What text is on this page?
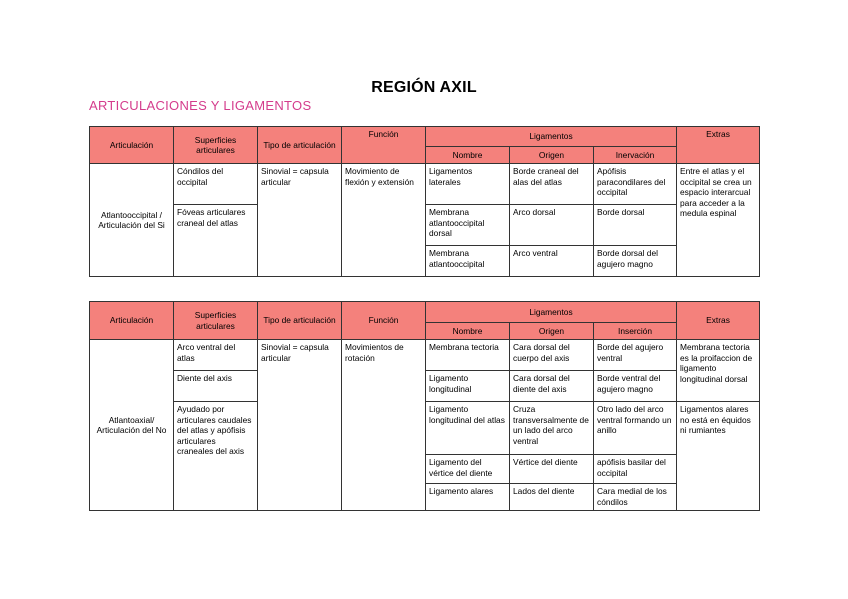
REGIÓN AXIL
ARTICULACIONES Y LIGAMENTOS
Articulación	Superficies articulares	Tipo de articulación	Función	Ligamentos			Extras
				Nombre	Origen	Inervación	
Atlantooccipital / Articulación del Si	Cóndilos del occipital	Sinovial = capsula articular	Movimiento de flexión y extensión	Ligamentos laterales	Borde craneal del alas del atlas	Apófisis paracondilares del occipital	Entre el atlas y el occipital se crea un espacio interarcual para acceder a la medula espinal
	Fóveas articulares craneal del atlas			Membrana atlantooccipital dorsal	Arco dorsal	Borde dorsal	
				Membrana atlantooccipital	Arco ventral	Borde dorsal del agujero magno	
Articulación	Superficies articulares	Tipo de articulación	Función	Ligamentos			Extras
				Nombre	Origen	Inserción	
Atlantoaxial/ Articulación del No	Arco ventral del atlas	Sinovial = capsula articular	Movimientos de rotación	Membrana tectoria	Cara dorsal del cuerpo del axis	Borde del agujero ventral	Membrana tectoria es la proifaccion de ligamento longitudinal dorsal
	Diente del axis			Ligamento longitudinal	Cara dorsal del diente del axis	Borde ventral del agujero magno	
	Ayudado por articulares caudales del atlas y apófisis articulares craneales del axis			Ligamento longitudinal del atlas	Cruza transversalmente de un lado del arco ventral	Otro lado del arco ventral formando un anillo	Ligamentos alares no está en équidos ni rumiantes
				Ligamento del vértice del diente	Vértice del diente	apófisis basilar del occipital	
				Ligamento alares	Lados del diente	Cara medial de los cóndilos	
